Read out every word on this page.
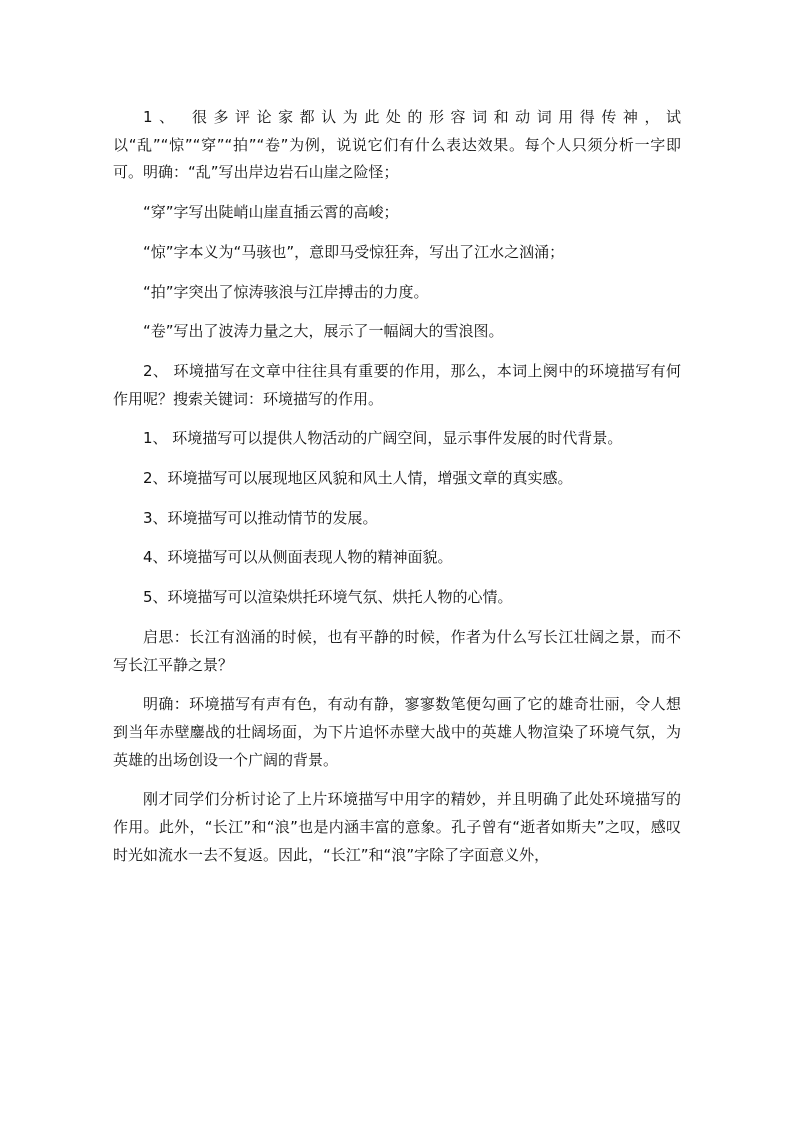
1、 很多评论家都认为此处的形容词和动词用得传神，试以“乱”“惊”“穿”“拍”“卷”为例，说说它们有什么表达效果。每个人只须分析一字即可。明确：“乱”写出岸边岩石山崖之险怪；

“穿”字写出陡峭山崖直插云霄的高峻；

“惊”字本义为“马骇也”，意即马受惊狂奔，写出了江水之汹涌；

“拍”字突出了惊涛骇浪与江岸搏击的力度。

“卷”写出了波涛力量之大，展示了一幅阔大的雪浪图。

2、 环境描写在文章中往往具有重要的作用，那么，本词上阕中的环境描写有何作用呢？搜索关键词：环境描写的作用。

1、 环境描写可以提供人物活动的广阔空间，显示事件发展的时代背景。

2、环境描写可以展现地区风貌和风土人情，增强文章的真实感。

3、环境描写可以推动情节的发展。

4、环境描写可以从侧面表现人物的精神面貌。

5、环境描写可以渲染烘托环境气氛、烘托人物的心情。

启思：长江有汹涌的时候，也有平静的时候，作者为什么写长江壮阔之景，而不写长江平静之景？

明确：环境描写有声有色，有动有静，寥寥数笔便勾画了它的雄奇壮丽，令人想到当年赤壁鏖战的壮阔场面，为下片追怀赤壁大战中的英雄人物渲染了环境气氛，为英雄的出场创设一个广阔的背景。

刚才同学们分析讨论了上片环境描写中用字的精妙，并且明确了此处环境描写的作用。此外，“长江”和“浪”也是内涵丰富的意象。孔子曾有“逝者如斯夫”之叹，感叹时光如流水一去不复返。因此，“长江”和“浪”字除了字面意义外，
